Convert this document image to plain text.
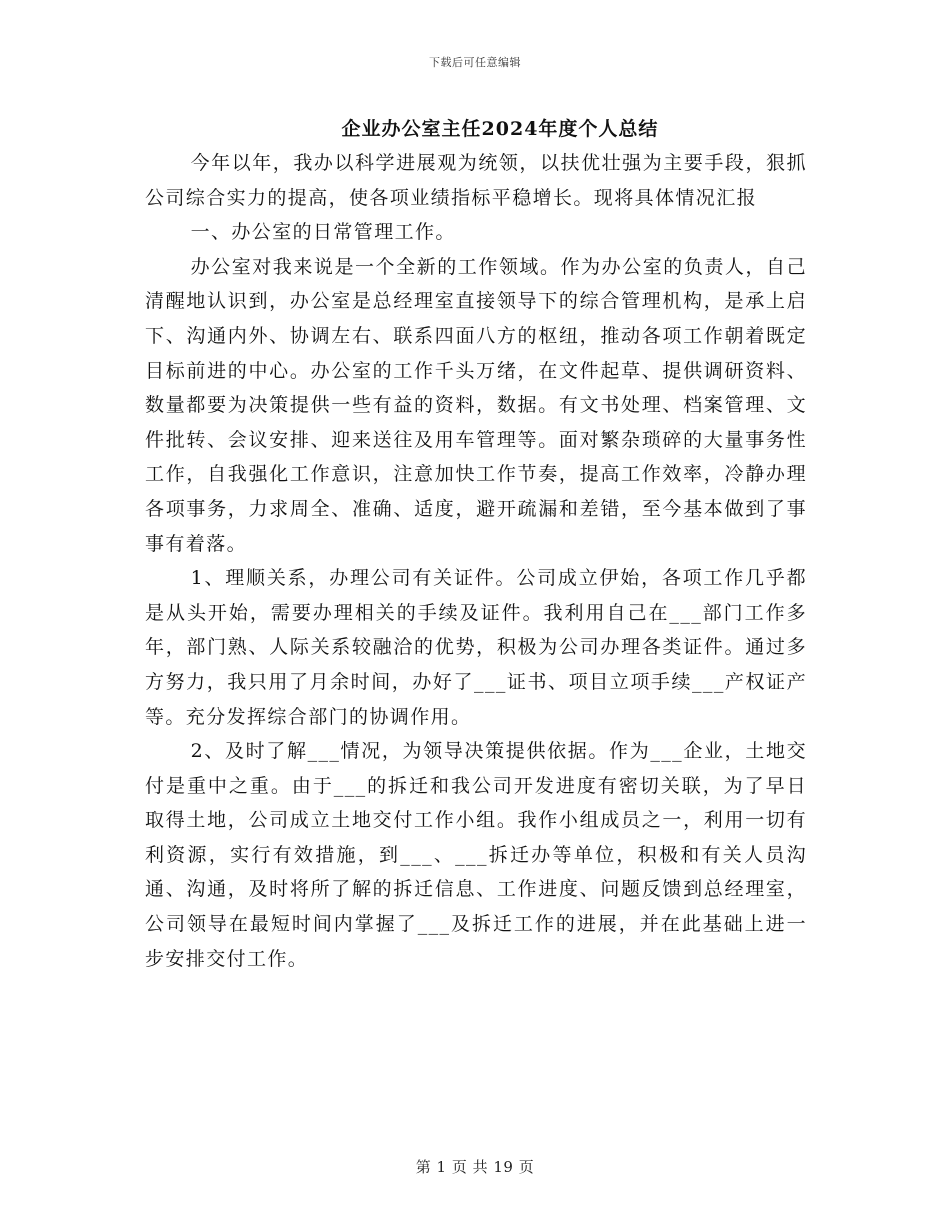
下载后可任意编辑
企业办公室主任2024年度个人总结

今年以年，我办以科学进展观为统领，以扶优壮强为主要手段，狠抓公司综合实力的提高，使各项业绩指标平稳增长。现将具体情况汇报

一、办公室的日常管理工作。

办公室对我来说是一个全新的工作领域。作为办公室的负责人，自己清醒地认识到，办公室是总经理室直接领导下的综合管理机构，是承上启下、沟通内外、协调左右、联系四面八方的枢纽，推动各项工作朝着既定目标前进的中心。办公室的工作千头万绪，在文件起草、提供调研资料、数量都要为决策提供一些有益的资料，数据。有文书处理、档案管理、文件批转、会议安排、迎来送往及用车管理等。面对繁杂琐碎的大量事务性工作，自我强化工作意识，注意加快工作节奏，提高工作效率，冷静办理各项事务，力求周全、准确、适度，避开疏漏和差错，至今基本做到了事事有着落。

1、理顺关系，办理公司有关证件。公司成立伊始，各项工作几乎都是从头开始，需要办理相关的手续及证件。我利用自己在___部门工作多年，部门熟、人际关系较融洽的优势，积极为公司办理各类证件。通过多方努力，我只用了月余时间，办好了___证书、项目立项手续___产权证产等。充分发挥综合部门的协调作用。

2、及时了解___情况，为领导决策提供依据。作为___企业，土地交付是重中之重。由于___的拆迁和我公司开发进度有密切关联，为了早日取得土地，公司成立土地交付工作小组。我作小组成员之一，利用一切有利资源，实行有效措施，到___、___拆迁办等单位，积极和有关人员沟通、沟通，及时将所了解的拆迁信息、工作进度、问题反馈到总经理室，公司领导在最短时间内掌握了___及拆迁工作的进展，并在此基础上进一步安排交付工作。

第 1 页 共 19 页
